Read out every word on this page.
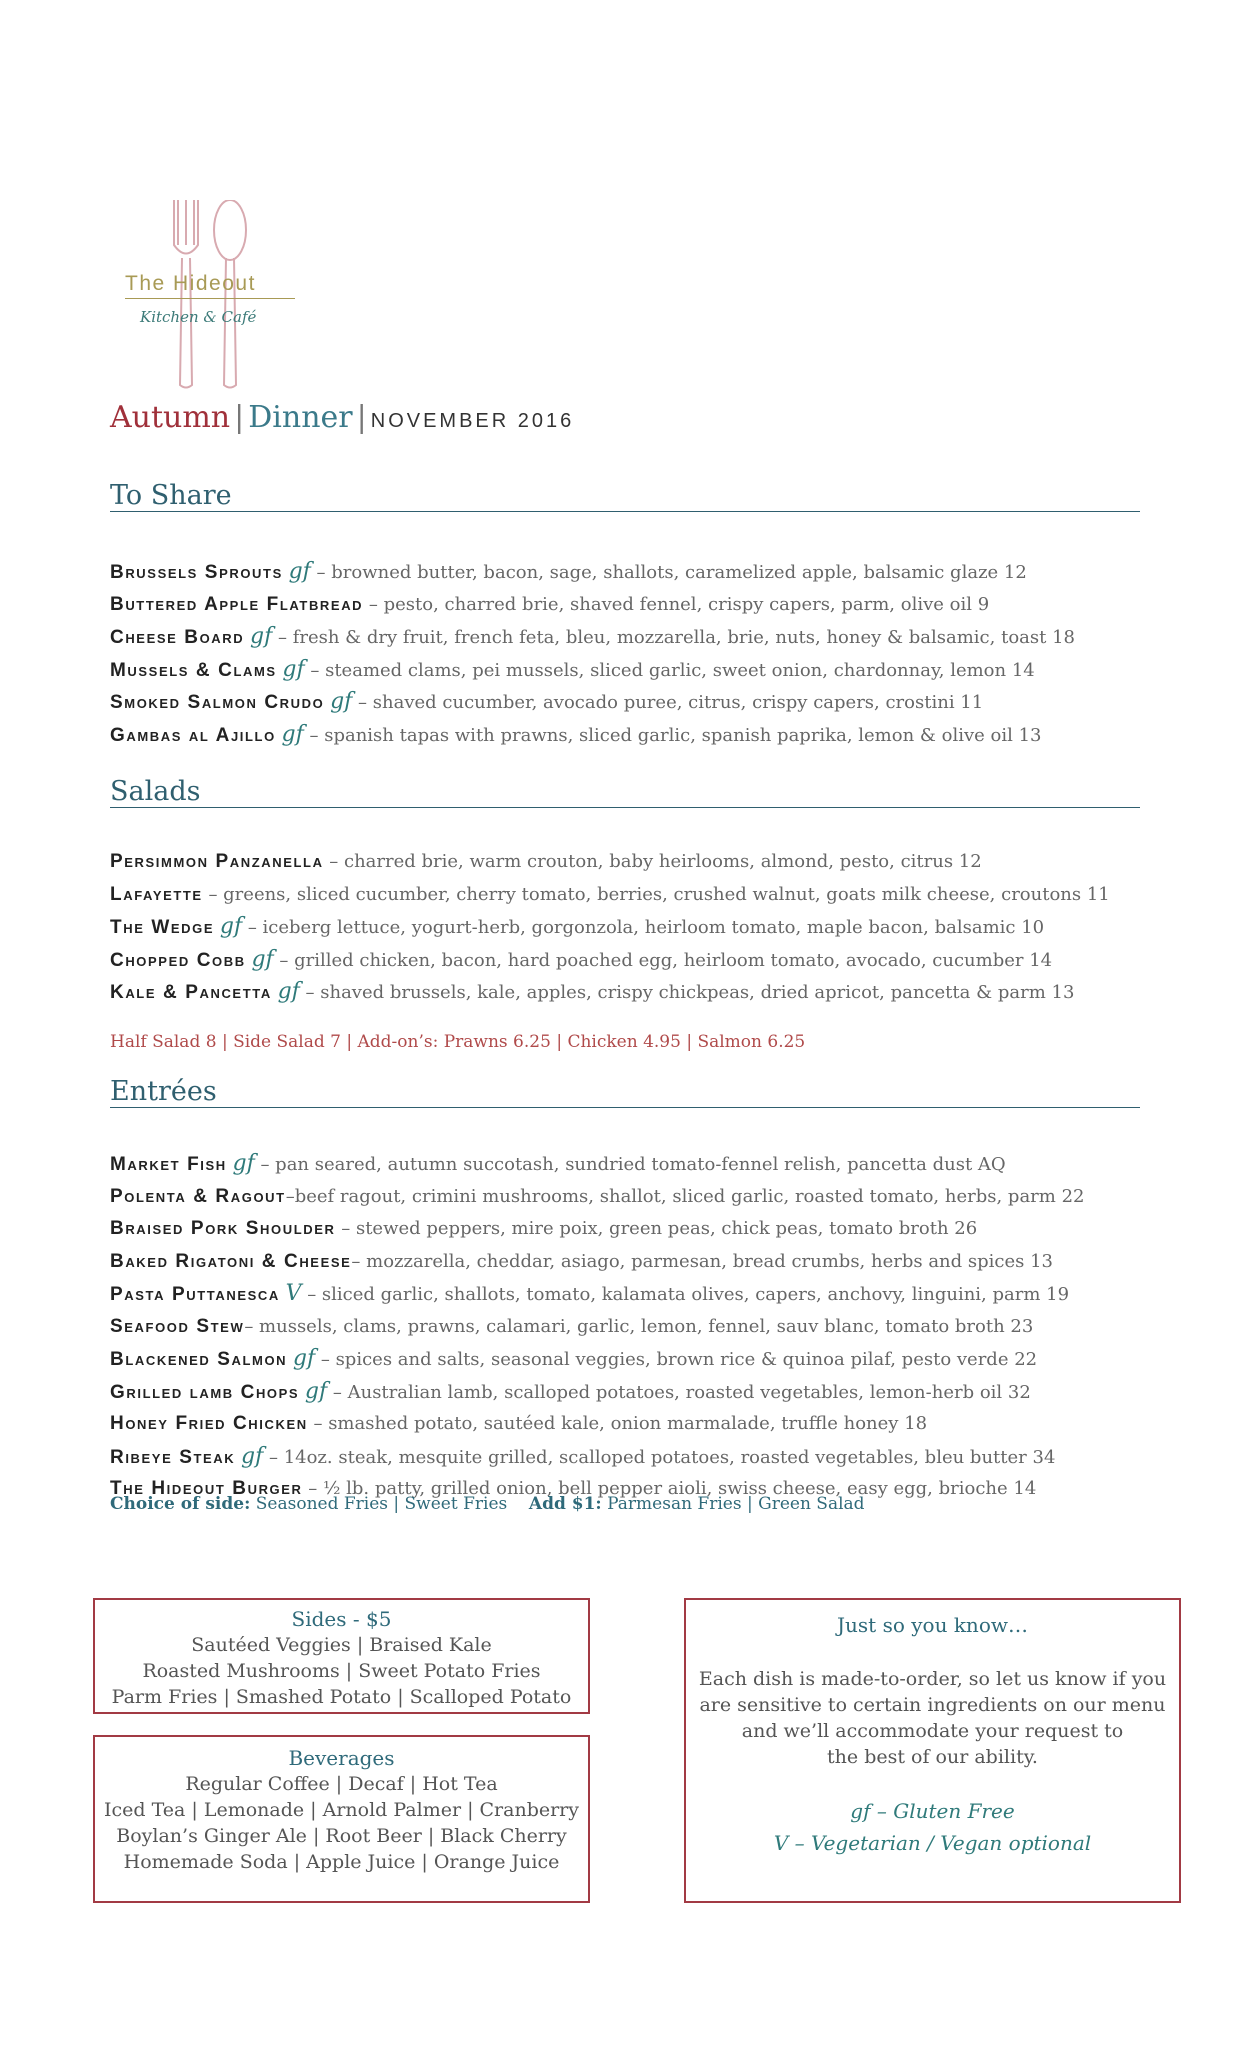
The Hideout
Kitchen & Café
Autumn | Dinner | NOVEMBER 2016
To Share
Brussels Sprouts gf – browned butter, bacon, sage, shallots, caramelized apple, balsamic glaze 12
Buttered Apple Flatbread – pesto, charred brie, shaved fennel, crispy capers, parm, olive oil 9
Cheese Board gf – fresh & dry fruit, french feta, bleu, mozzarella, brie, nuts, honey & balsamic, toast 18
Mussels & Clams gf – steamed clams, pei mussels, sliced garlic, sweet onion, chardonnay, lemon 14
Smoked Salmon Crudo gf – shaved cucumber, avocado puree, citrus, crispy capers, crostini 11
Gambas al Ajillo gf – spanish tapas with prawns, sliced garlic, spanish paprika, lemon & olive oil 13
Salads
Persimmon Panzanella – charred brie, warm crouton, baby heirlooms, almond, pesto, citrus 12
Lafayette – greens, sliced cucumber, cherry tomato, berries, crushed walnut, goats milk cheese, croutons 11
The Wedge gf – iceberg lettuce, yogurt-herb, gorgonzola, heirloom tomato, maple bacon, balsamic 10
Chopped Cobb gf – grilled chicken, bacon, hard poached egg, heirloom tomato, avocado, cucumber 14
Kale & Pancetta gf – shaved brussels, kale, apples, crispy chickpeas, dried apricot, pancetta & parm 13
Half Salad 8 | Side Salad 7 | Add-on’s: Prawns 6.25 | Chicken 4.95 | Salmon 6.25
Entrées
Market Fish gf – pan seared, autumn succotash, sundried tomato-fennel relish, pancetta dust AQ
Polenta & Ragout–beef ragout, crimini mushrooms, shallot, sliced garlic, roasted tomato, herbs, parm 22
Braised Pork Shoulder – stewed peppers, mire poix, green peas, chick peas, tomato broth 26
Baked Rigatoni & Cheese– mozzarella, cheddar, asiago, parmesan, bread crumbs, herbs and spices 13
Pasta Puttanesca V – sliced garlic, shallots, tomato, kalamata olives, capers, anchovy, linguini, parm 19
Seafood Stew– mussels, clams, prawns, calamari, garlic, lemon, fennel, sauv blanc, tomato broth 23
Blackened Salmon gf – spices and salts, seasonal veggies, brown rice & quinoa pilaf, pesto verde 22
Grilled lamb Chops gf – Australian lamb, scalloped potatoes, roasted vegetables, lemon-herb oil 32
Honey Fried Chicken – smashed potato, sautéed kale, onion marmalade, truffle honey 18
Ribeye Steak gf – 14oz. steak, mesquite grilled, scalloped potatoes, roasted vegetables, bleu butter 34
The Hideout Burger – ½ lb. patty, grilled onion, bell pepper aioli, swiss cheese, easy egg, brioche 14
Choice of side: Seasoned Fries | Sweet Fries Add $1: Parmesan Fries | Green Salad
Sides - $5
Sautéed Veggies | Braised Kale
Roasted Mushrooms | Sweet Potato Fries
Parm Fries | Smashed Potato | Scalloped Potato
Beverages
Regular Coffee | Decaf | Hot Tea
Iced Tea | Lemonade | Arnold Palmer | Cranberry
Boylan’s Ginger Ale | Root Beer | Black Cherry
Homemade Soda | Apple Juice | Orange Juice
Just so you know…
Each dish is made-to-order, so let us know if you
are sensitive to certain ingredients on our menu
and we’ll accommodate your request to
the best of our ability.
gf – Gluten Free
V – Vegetarian / Vegan optional
